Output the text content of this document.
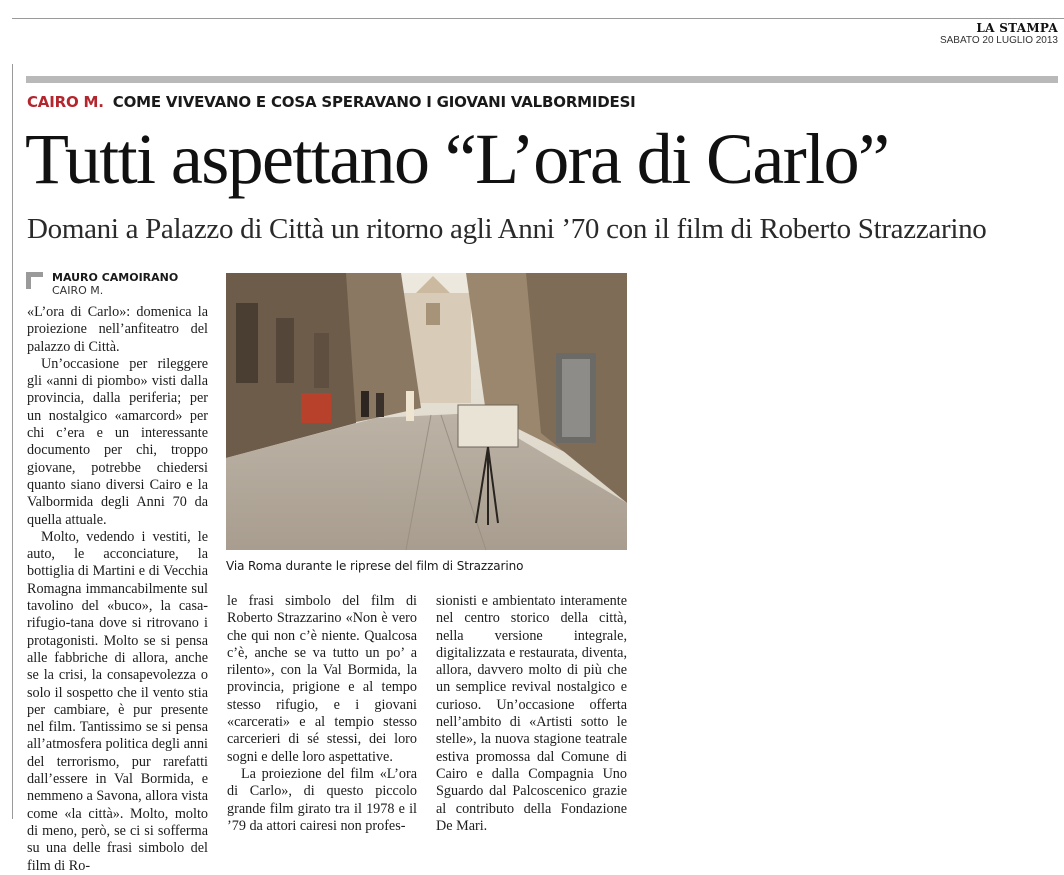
LA STAMPA
SABATO 20 LUGLIO 2013
CAIRO M. COME VIVEVANO E COSA SPERAVANO I GIOVANI VALBORMIDESI
Tutti aspettano “L’ora di Carlo”
Domani a Palazzo di Città un ritorno agli Anni ’70 con il film di Roberto Strazzarino
MAURO CAMOIRANO
CAIRO M.

«L’ora di Carlo»: domenica la proiezione nell’anfiteatro del palazzo di Città.

Un’occasione per rileggere gli «anni di piombo» visti dalla provincia, dalla periferia; per un nostalgico «amarcord» per chi c’era e un interessante documento per chi, troppo giovane, potrebbe chiedersi quanto siano diversi Cairo e la Valbormida degli Anni 70 da quella attuale.

Molto, vedendo i vestiti, le auto, le acconciature, la bottiglia di Martini e di Vecchia Romagna immancabilmente sul tavolino del «buco», la casa-rifugio-tana dove si ritrovano i protagonisti. Molto se si pensa alle fabbriche di allora, anche se la crisi, la consapevolezza o solo il sospetto che il vento stia per cambiare, è pur presente nel film. Tantissimo se si pensa all’atmosfera politica degli anni del terrorismo, pur rarefatti dall’essere in Val Bormida, e nemmeno a Savona, allora vista come «la città». Molto, molto di meno, però, se ci si sofferma su una delle frasi simbolo del film di Ro-

Via Roma durante le riprese del film di Strazzarino

le frasi simbolo del film di Roberto Strazzarino «Non è vero che qui non c’è niente. Qualcosa c’è, anche se va tutto un po’ a rilento», con la Val Bormida, la provincia, prigione e al tempo stesso rifugio, e i giovani «carcerati» e al tempio stesso carcerieri di sé stessi, dei loro sogni e delle loro aspettative.

La proiezione del film «L’ora di Carlo», di questo piccolo grande film girato tra il 1978 e il ’79 da attori cairesi non profes-

sionisti e ambientato interamente nel centro storico della città, nella versione integrale, digitalizzata e restaurata, diventa, allora, davvero molto di più che un semplice revival nostalgico e curioso. Un’occasione offerta nell’ambito di «Artisti sotto le stelle», la nuova stagione teatrale estiva promossa dal Comune di Cairo e dalla Compagnia Uno Sguardo dal Palcoscenico grazie al contributo della Fondazione De Mari.
